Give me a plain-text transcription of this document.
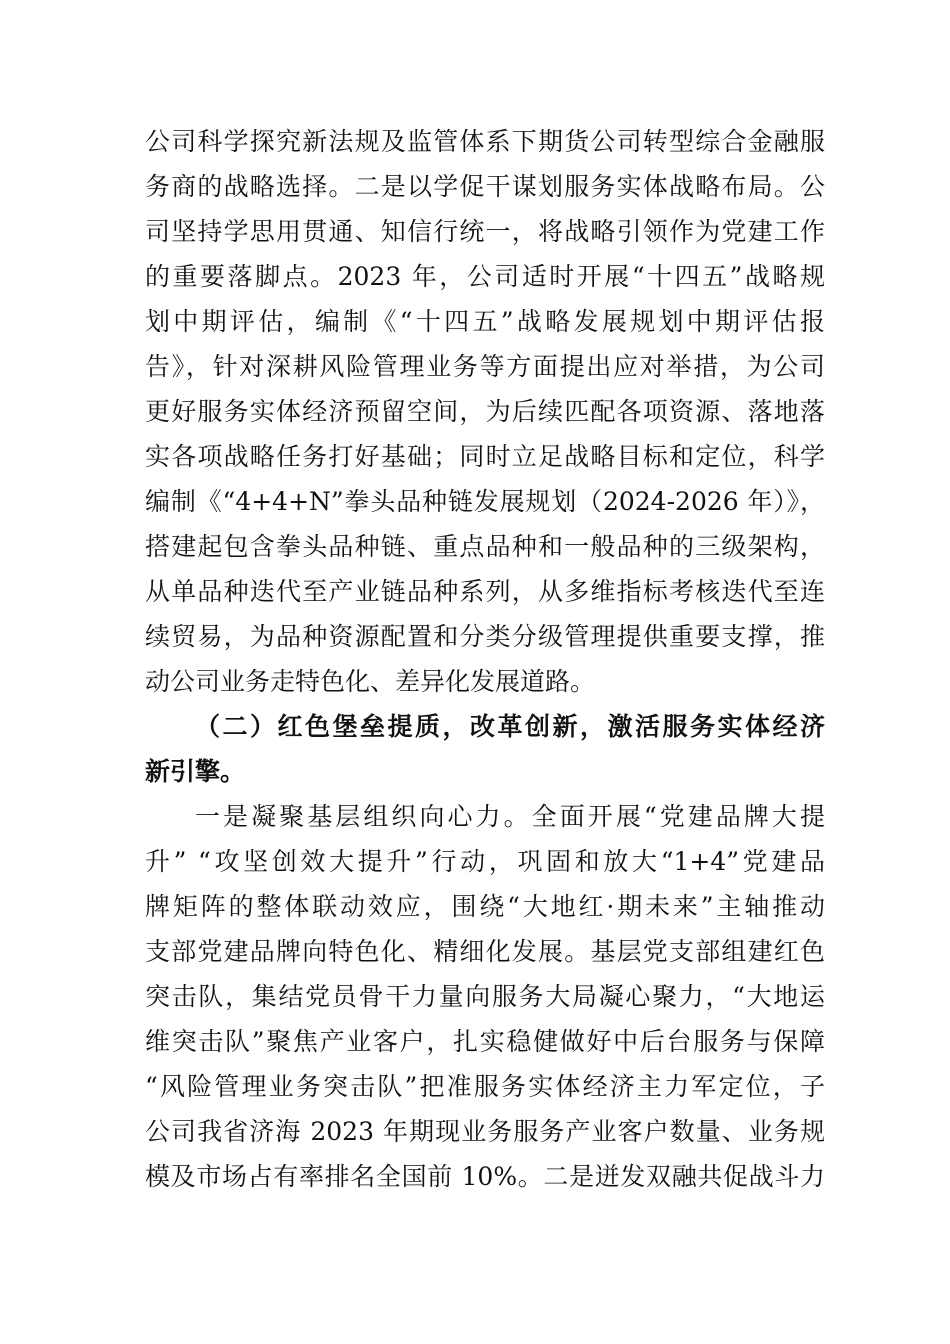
公司科学探究新法规及监管体系下期货公司转型综合金融服
务商的战略选择。二是以学促干谋划服务实体战略布局。公
司坚持学思用贯通、知信行统一，将战略引领作为党建工作
的重要落脚点。2023 年，公司适时开展“十四五”战略规
划中期评估，编制《“十四五”战略发展规划中期评估报
告》，针对深耕风险管理业务等方面提出应对举措，为公司
更好服务实体经济预留空间，为后续匹配各项资源、落地落
实各项战略任务打好基础；同时立足战略目标和定位，科学
编制《“4+4+N”拳头品种链发展规划（2024-2026 年）》，
搭建起包含拳头品种链、重点品种和一般品种的三级架构，
从单品种迭代至产业链品种系列，从多维指标考核迭代至连
续贸易，为品种资源配置和分类分级管理提供重要支撑，推
动公司业务走特色化、差异化发展道路。
（二）红色堡垒提质，改革创新，激活服务实体经济
新引擎。
一是凝聚基层组织向心力。全面开展“党建品牌大提
升” “攻坚创效大提升”行动，巩固和放大“1+4”党建品
牌矩阵的整体联动效应，围绕“大地红·期未来”主轴推动
支部党建品牌向特色化、精细化发展。基层党支部组建红色
突击队，集结党员骨干力量向服务大局凝心聚力，“大地运
维突击队”聚焦产业客户，扎实稳健做好中后台服务与保障
“风险管理业务突击队”把准服务实体经济主力军定位，子
公司我省济海 2023 年期现业务服务产业客户数量、业务规
模及市场占有率排名全国前 10%。二是迸发双融共促战斗力
